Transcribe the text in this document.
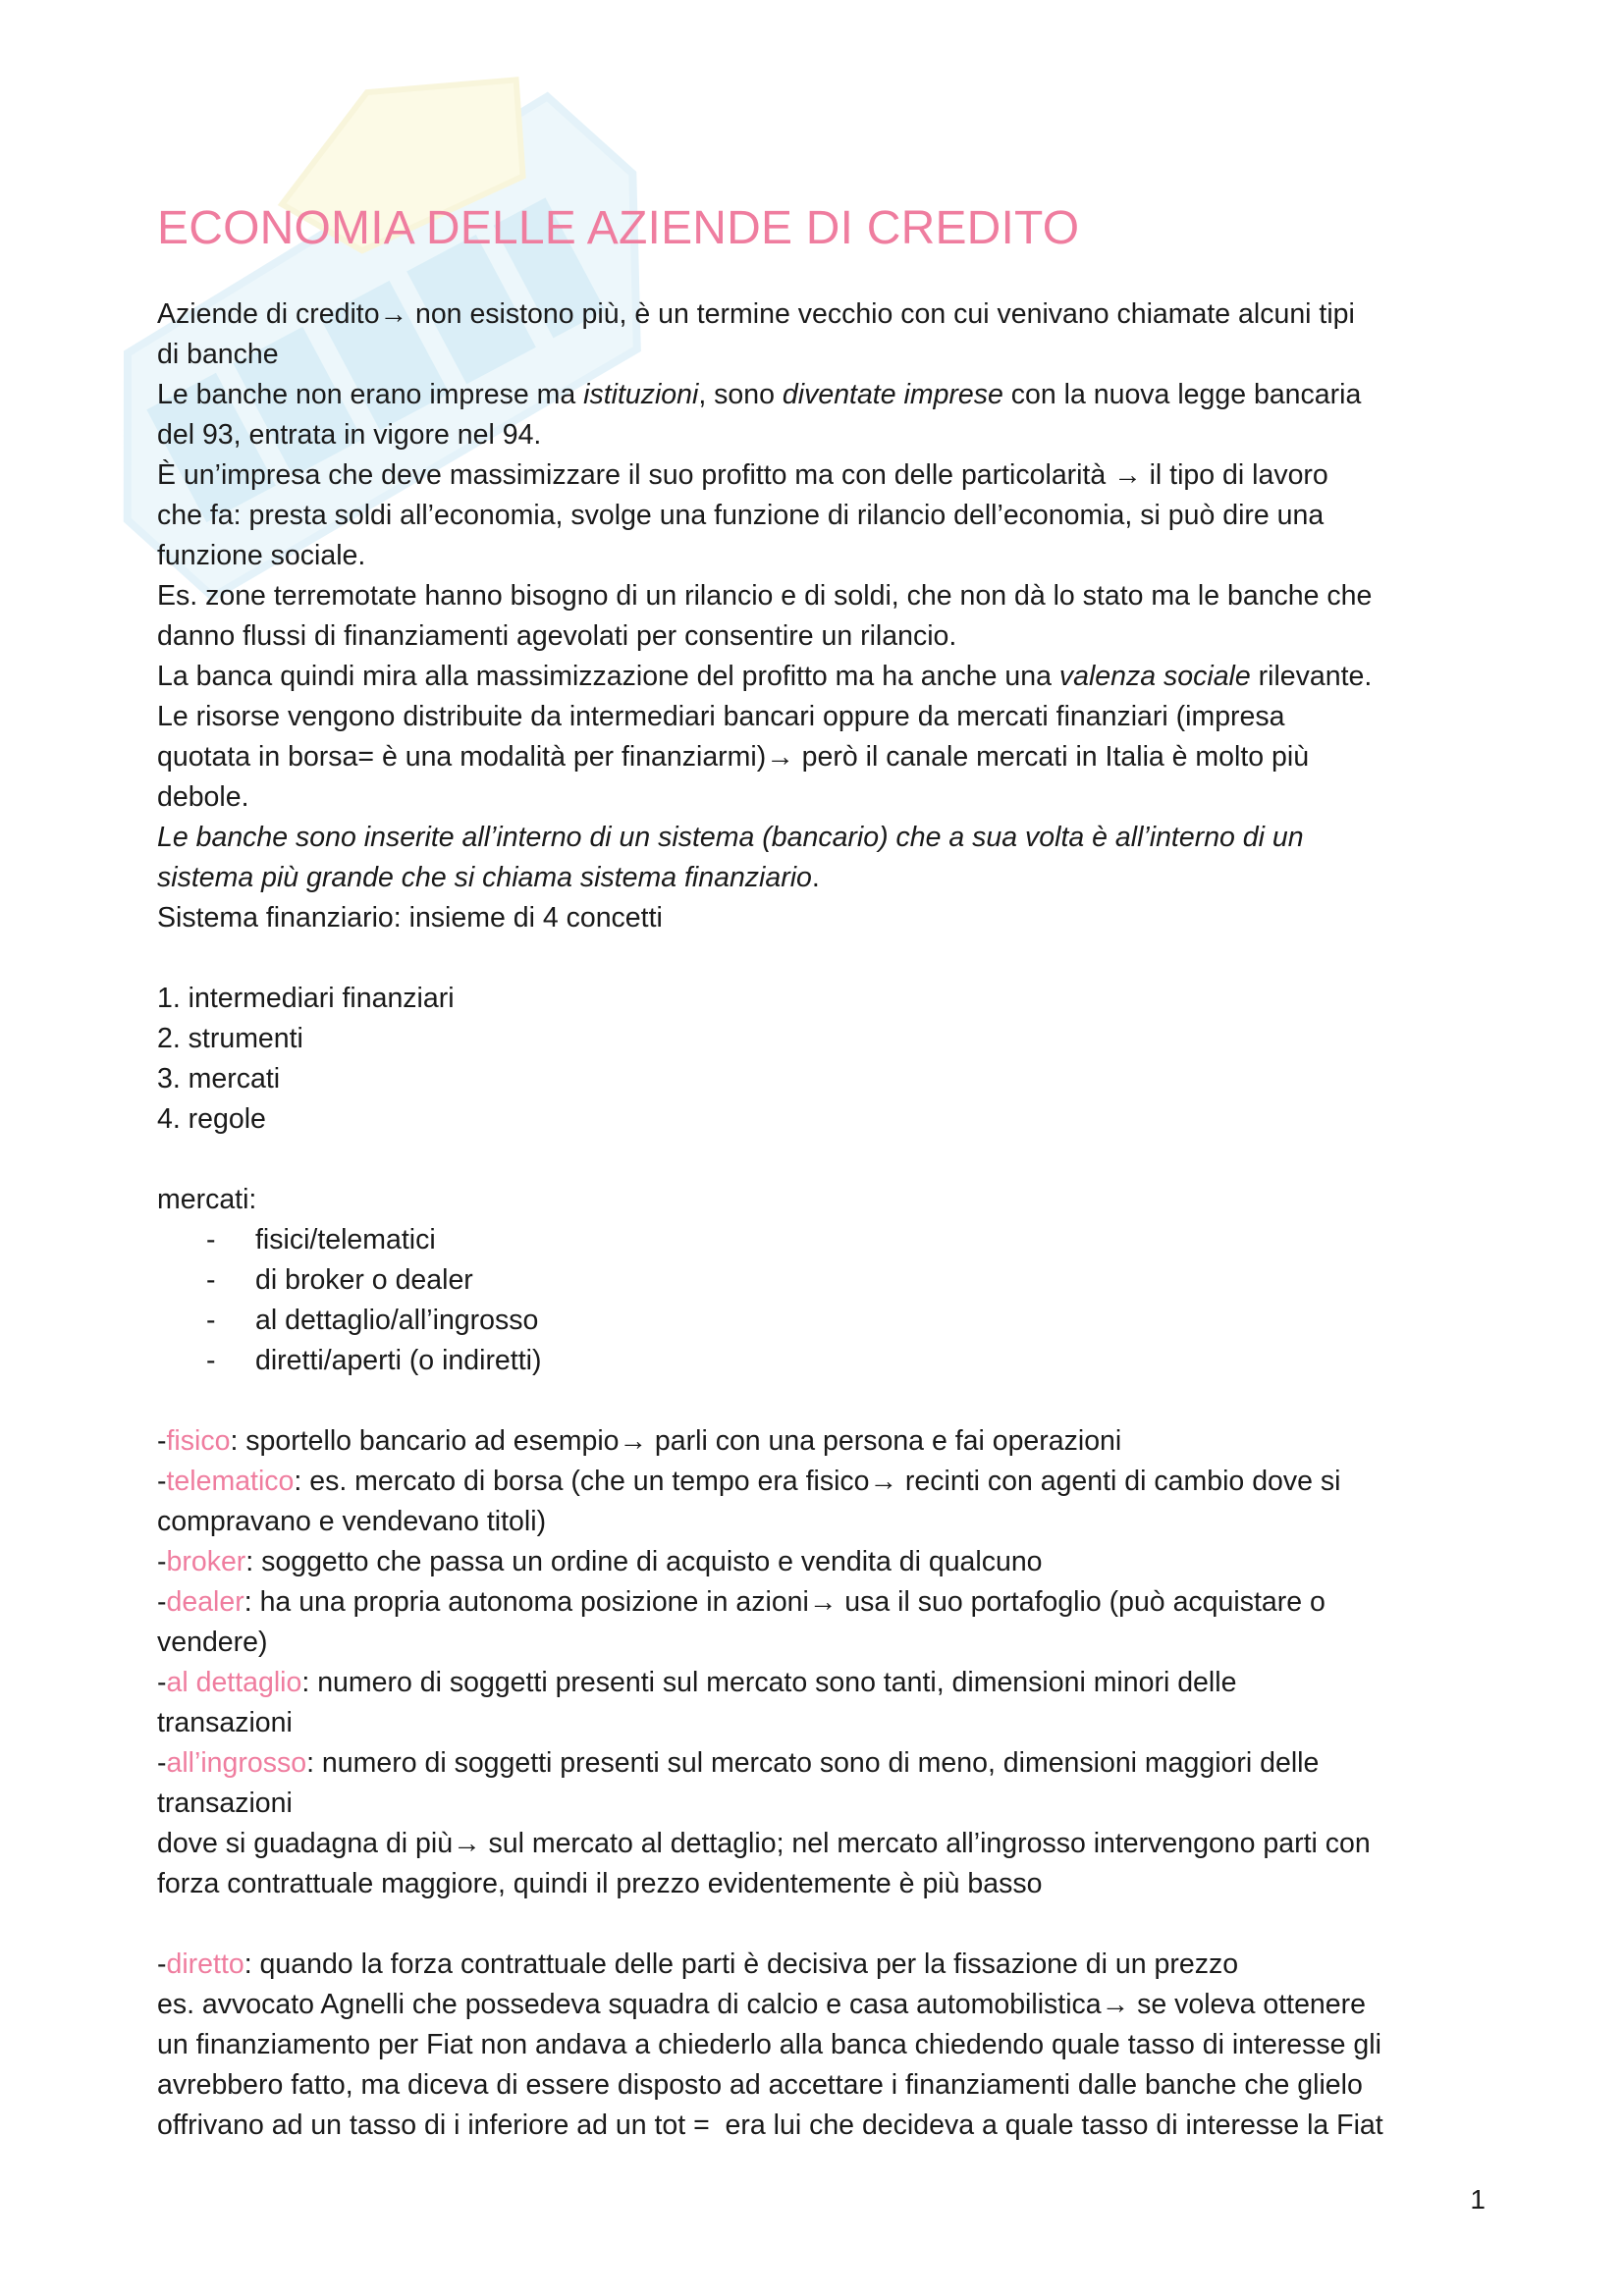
ECONOMIA DELLE AZIENDE DI CREDITO

Aziende di credito→ non esistono più, è un termine vecchio con cui venivano chiamate alcuni tipi

di banche

Le banche non erano imprese ma istituzioni, sono diventate imprese con la nuova legge bancaria

del 93, entrata in vigore nel 94.

È un’impresa che deve massimizzare il suo profitto ma con delle particolarità → il tipo di lavoro

che fa: presta soldi all’economia, svolge una funzione di rilancio dell’economia, si può dire una

funzione sociale.

Es. zone terremotate hanno bisogno di un rilancio e di soldi, che non dà lo stato ma le banche che

danno flussi di finanziamenti agevolati per consentire un rilancio.

La banca quindi mira alla massimizzazione del profitto ma ha anche una valenza sociale rilevante.

Le risorse vengono distribuite da intermediari bancari oppure da mercati finanziari (impresa

quotata in borsa= è una modalità per finanziarmi)→ però il canale mercati in Italia è molto più

debole.

Le banche sono inserite all’interno di un sistema (bancario) che a sua volta è all’interno di un

sistema più grande che si chiama sistema finanziario.

Sistema finanziario: insieme di 4 concetti

1. intermediari finanziari

2. strumenti

3. mercati

4. regole

mercati:

-	fisici/telematici

-	di broker o dealer

-	al dettaglio/all’ingrosso

-	diretti/aperti (o indiretti)

-fisico: sportello bancario ad esempio→ parli con una persona e fai operazioni

-telematico: es. mercato di borsa (che un tempo era fisico→ recinti con agenti di cambio dove si

compravano e vendevano titoli)

-broker: soggetto che passa un ordine di acquisto e vendita di qualcuno

-dealer: ha una propria autonoma posizione in azioni→ usa il suo portafoglio (può acquistare o

vendere)

-al dettaglio: numero di soggetti presenti sul mercato sono tanti, dimensioni minori delle

transazioni

-all’ingrosso: numero di soggetti presenti sul mercato sono di meno, dimensioni maggiori delle

transazioni

dove si guadagna di più→ sul mercato al dettaglio; nel mercato all’ingrosso intervengono parti con

forza contrattuale maggiore, quindi il prezzo evidentemente è più basso

-diretto: quando la forza contrattuale delle parti è decisiva per la fissazione di un prezzo

es. avvocato Agnelli che possedeva squadra di calcio e casa automobilistica→ se voleva ottenere

un finanziamento per Fiat non andava a chiederlo alla banca chiedendo quale tasso di interesse gli

avrebbero fatto, ma diceva di essere disposto ad accettare i finanziamenti dalle banche che glielo

offrivano ad un tasso di i inferiore ad un tot =  era lui che decideva a quale tasso di interesse la Fiat

1
